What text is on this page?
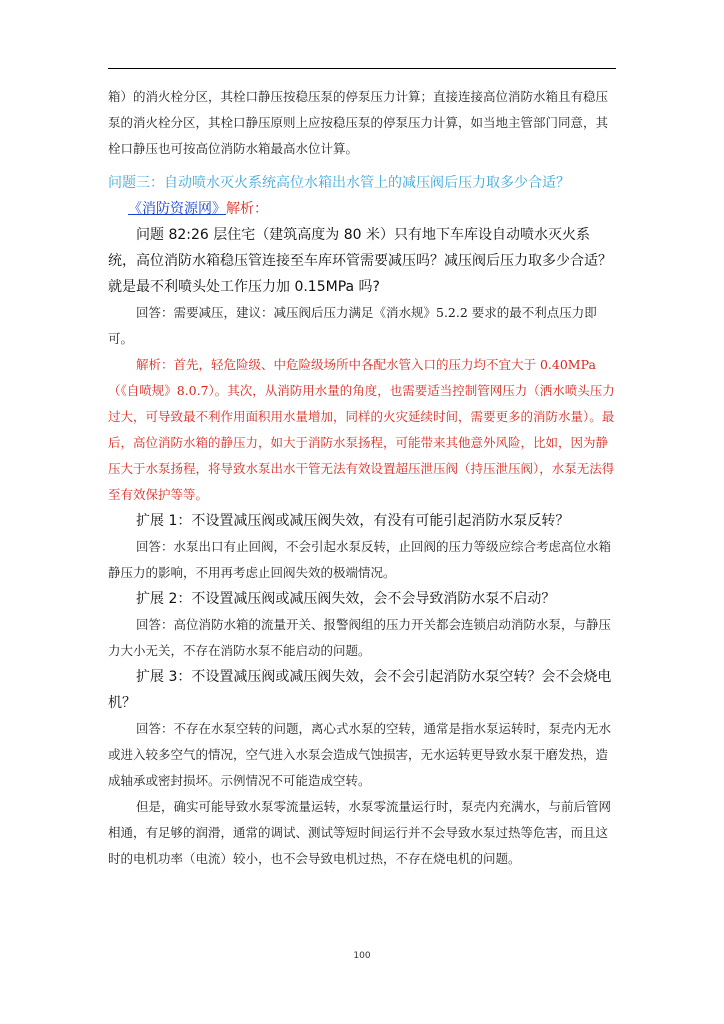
箱）的消火栓分区，其栓口静压按稳压泵的停泵压力计算；直接连接高位消防水箱且有稳压泵的消火栓分区，其栓口静压原则上应按稳压泵的停泵压力计算，如当地主管部门同意，其栓口静压也可按高位消防水箱最高水位计算。

问题三：自动喷水灭火系统高位水箱出水管上的减压阀后压力取多少合适？

《消防资源网》解析：

问题 82:26 层住宅（建筑高度为 80 米）只有地下车库设自动喷水灭火系统，高位消防水箱稳压管连接至车库环管需要减压吗？减压阀后压力取多少合适？就是最不利喷头处工作压力加 0.15MPa 吗?

回答：需要减压，建议：减压阀后压力满足《消水规》5.2.2 要求的最不利点压力即可。

解析：首先，轻危险级、中危险级场所中各配水管入口的压力均不宜大于 0.40MPa（《自喷规》8.0.7）。其次，从消防用水量的角度，也需要适当控制管网压力（洒水喷头压力过大，可导致最不利作用面积用水量增加，同样的火灾延续时间，需要更多的消防水量）。最后，高位消防水箱的静压力，如大于消防水泵扬程，可能带来其他意外风险，比如，因为静压大于水泵扬程，将导致水泵出水干管无法有效设置超压泄压阀（持压泄压阀），水泵无法得至有效保护等等。

扩展 1：不设置减压阀或减压阀失效，有没有可能引起消防水泵反转？

回答：水泵出口有止回阀，不会引起水泵反转，止回阀的压力等级应综合考虑高位水箱静压力的影响，不用再考虑止回阀失效的极端情况。

扩展 2：不设置减压阀或减压阀失效，会不会导致消防水泵不启动？

回答：高位消防水箱的流量开关、报警阀组的压力开关都会连锁启动消防水泵，与静压力大小无关，不存在消防水泵不能启动的问题。

扩展 3：不设置减压阀或减压阀失效，会不会引起消防水泵空转？会不会烧电机？

回答：不存在水泵空转的问题，离心式水泵的空转，通常是指水泵运转时，泵壳内无水或进入较多空气的情况，空气进入水泵会造成气蚀损害，无水运转更导致水泵干磨发热，造成轴承或密封损坏。示例情况不可能造成空转。

但是，确实可能导致水泵零流量运转，水泵零流量运行时，泵壳内充满水，与前后管网相通，有足够的润滑，通常的调试、测试等短时间运行并不会导致水泵过热等危害，而且这时的电机功率（电流）较小，也不会导致电机过热，不存在烧电机的问题。

100
